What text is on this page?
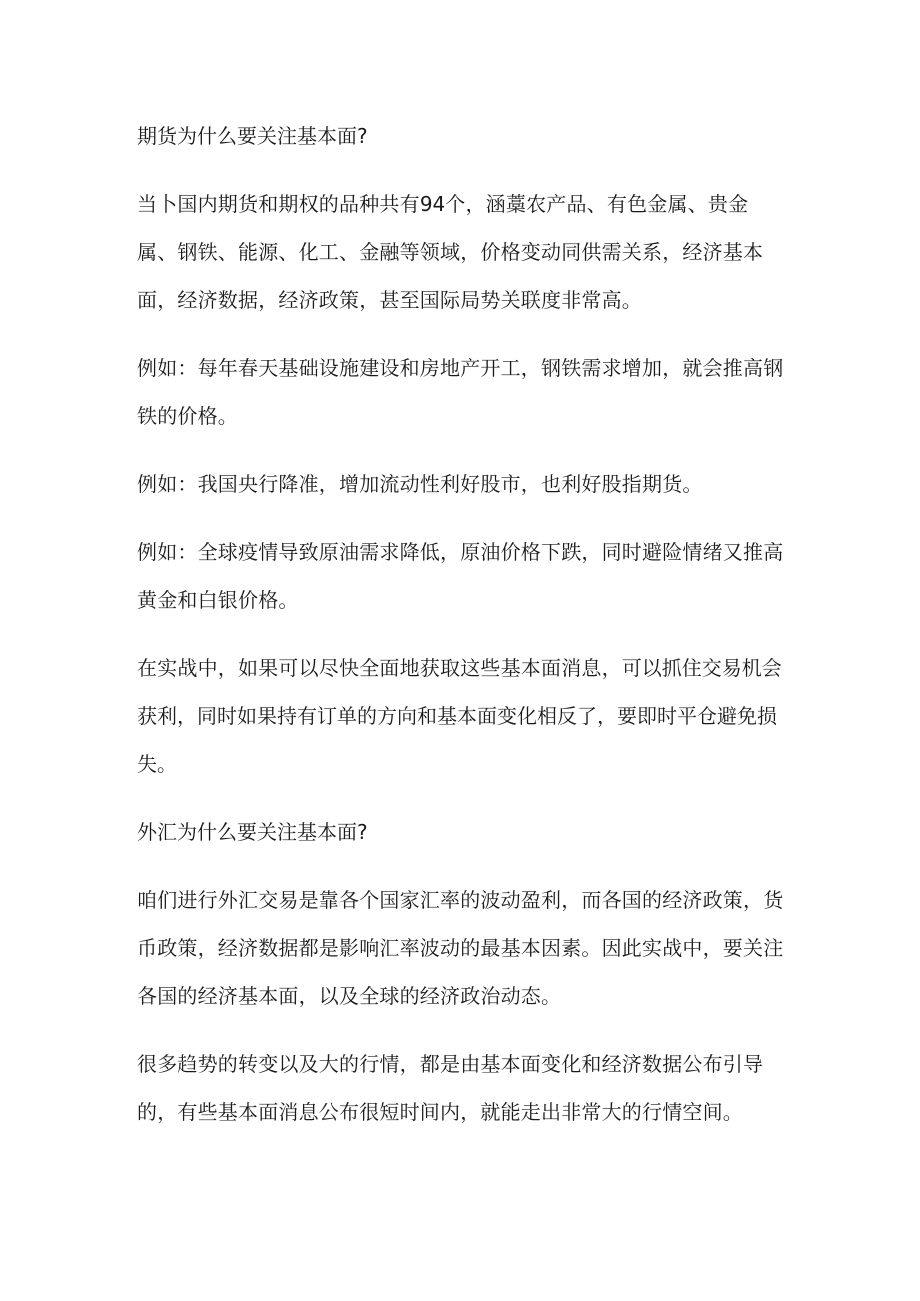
期货为什么要关注基本面?

当卜国内期货和期权的品种共有94个，涵藁农产品、有色金属、贵金属、钢铁、能源、化工、金融等领域，价格变动同供需关系，经济基本面，经济数据，经济政策，甚至国际局势关联度非常高。

例如：每年春天基础设施建设和房地产开工，钢铁需求增加，就会推高钢铁的价格。

例如：我国央行降准，增加流动性利好股市，也利好股指期货。

例如：全球疫情导致原油需求降低，原油价格下跌，同时避险情绪又推高黄金和白银价格。

在实战中，如果可以尽快全面地获取这些基本面消息，可以抓住交易机会获利，同时如果持有订单的方向和基本面变化相反了，要即时平仓避免损失。

外汇为什么要关注基本面?

咱们进行外汇交易是靠各个国家汇率的波动盈利，而各国的经济政策，货币政策，经济数据都是影响汇率波动的最基本因素。因此实战中，要关注各国的经济基本面，以及全球的经济政治动态。

很多趋势的转变以及大的行情，都是由基本面变化和经济数据公布引导的，有些基本面消息公布很短时间内，就能走出非常大的行情空间。
